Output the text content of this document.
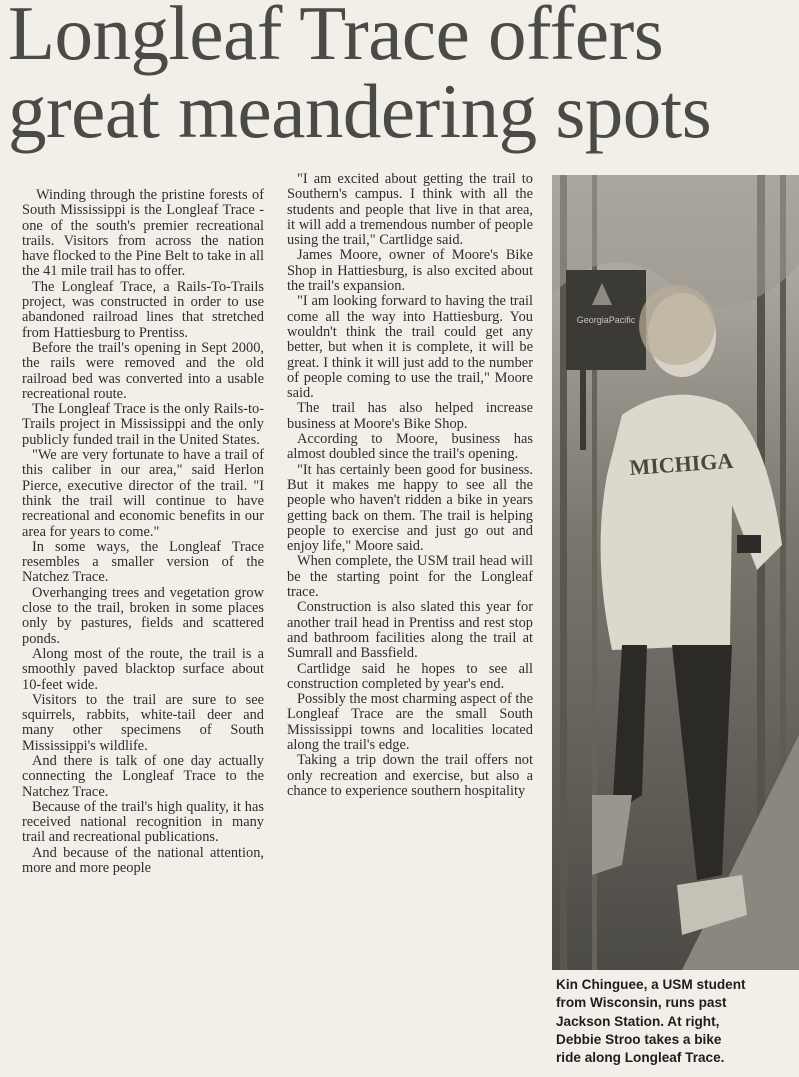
Longleaf Trace offers
great meandering spots

Winding through the pristine forests of South Mississippi is the Longleaf Trace - one of the south's premier recreational trails. Visitors from across the nation have flocked to the Pine Belt to take in all the 41 mile trail has to offer.

The Longleaf Trace, a Rails-To-Trails project, was constructed in order to use abandoned railroad lines that stretched from Hattiesburg to Prentiss.

Before the trail's opening in Sept 2000, the rails were removed and the old railroad bed was converted into a usable recreational route.

The Longleaf Trace is the only Rails-to-Trails project in Mississippi and the only publicly funded trail in the United States.

"We are very fortunate to have a trail of this caliber in our area," said Herlon Pierce, executive director of the trail. "I think the trail will continue to have recreational and economic benefits in our area for years to come."

In some ways, the Longleaf Trace resembles a smaller version of the Natchez Trace.

Overhanging trees and vegetation grow close to the trail, broken in some places only by pastures, fields and scattered ponds.

Along most of the route, the trail is a smoothly paved blacktop surface about 10-feet wide.

Visitors to the trail are sure to see squirrels, rabbits, white-tail deer and many other specimens of South Mississippi's wildlife.

And there is talk of one day actually connecting the Longleaf Trace to the Natchez Trace.

Because of the trail's high quality, it has received national recognition in many trail and recreational publications.

And because of the national attention, more and more people

"I am excited about getting the trail to Southern's campus. I think with all the students and people that live in that area, it will add a tremendous number of people using the trail," Cartlidge said.

James Moore, owner of Moore's Bike Shop in Hattiesburg, is also excited about the trail's expansion.

"I am looking forward to having the trail come all the way into Hattiesburg. You wouldn't think the trail could get any better, but when it is complete, it will be great. I think it will just add to the number of people coming to use the trail," Moore said.

The trail has also helped increase business at Moore's Bike Shop.

According to Moore, business has almost doubled since the trail's opening.

"It has certainly been good for business. But it makes me happy to see all the people who haven't ridden a bike in years getting back on them. The trail is helping people to exercise and just go out and enjoy life," Moore said.

When complete, the USM trail head will be the starting point for the Longleaf trace.

Construction is also slated this year for another trail head in Prentiss and rest stop and bathroom facilities along the trail at Sumrall and Bassfield.

Cartlidge said he hopes to see all construction completed by year's end.

Possibly the most charming aspect of the Longleaf Trace are the small South Mississippi towns and localities located along the trail's edge.

Taking a trip down the trail offers not only recreation and exercise, but also a chance to experience southern hospitality

GeorgiaPacific
MICHIGA
Kin Chinguee, a USM student
from Wisconsin, runs past
Jackson Station. At right,
Debbie Stroo takes a bike
ride along Longleaf Trace.
